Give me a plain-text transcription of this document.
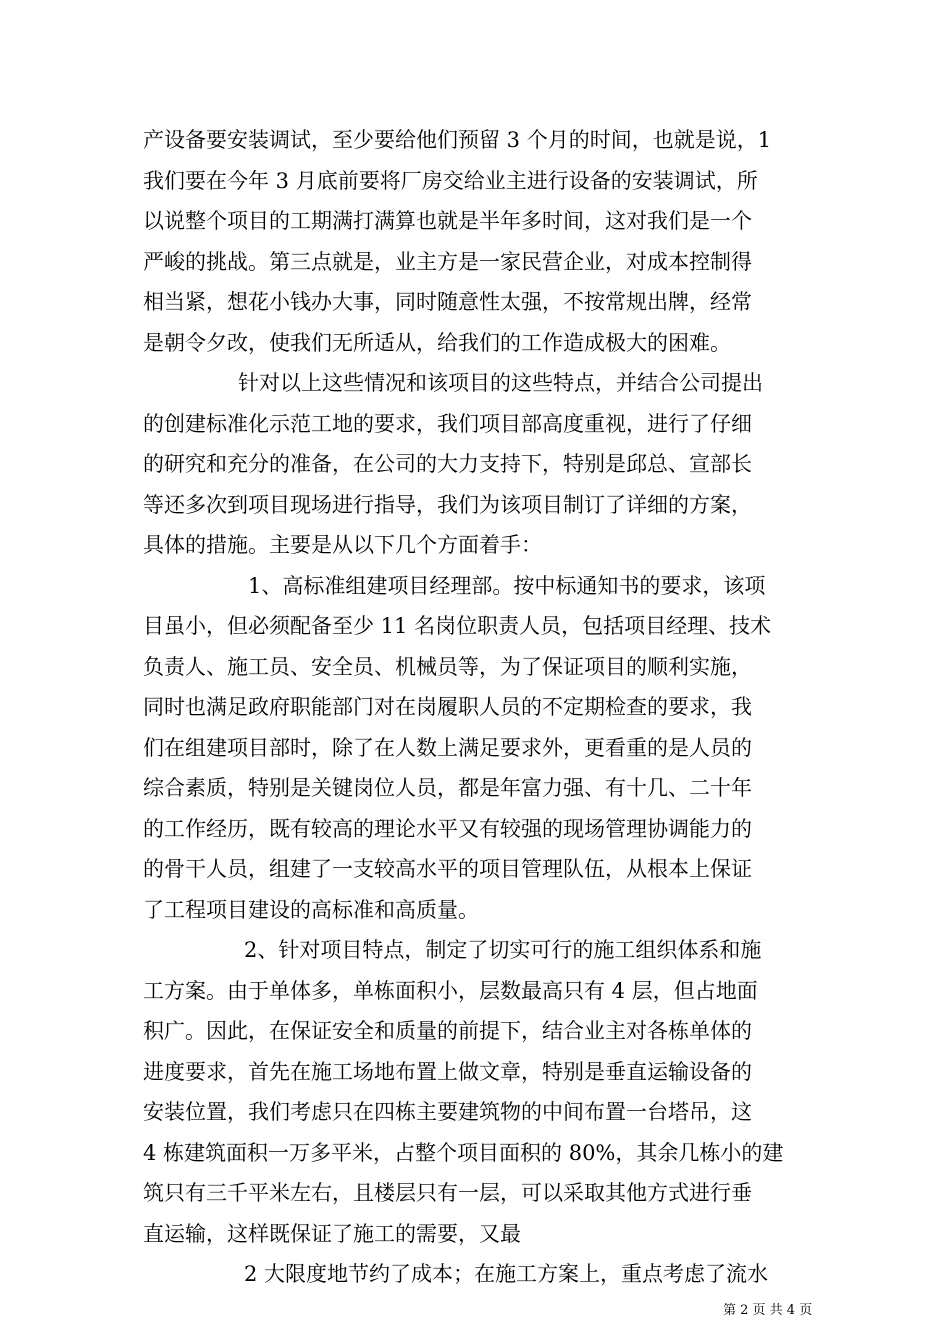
产设备要安装调试，至少要给他们预留 3 个月的时间，也就是说，1
我们要在今年 3 月底前要将厂房交给业主进行设备的安装调试，所
以说整个项目的工期满打满算也就是半年多时间，这对我们是一个
严峻的挑战。第三点就是，业主方是一家民营企业，对成本控制得
相当紧，想花小钱办大事，同时随意性太强，不按常规出牌，经常
是朝令夕改，使我们无所适从，给我们的工作造成极大的困难。
针对以上这些情况和该项目的这些特点，并结合公司提出
的创建标准化示范工地的要求，我们项目部高度重视，进行了仔细
的研究和充分的准备，在公司的大力支持下，特别是邱总、宣部长
等还多次到项目现场进行指导，我们为该项目制订了详细的方案，
具体的措施。主要是从以下几个方面着手：
1、高标准组建项目经理部。按中标通知书的要求，该项
目虽小，但必须配备至少 11 名岗位职责人员，包括项目经理、技术
负责人、施工员、安全员、机械员等，为了保证项目的顺利实施，
同时也满足政府职能部门对在岗履职人员的不定期检查的要求，我
们在组建项目部时，除了在人数上满足要求外，更看重的是人员的
综合素质，特别是关键岗位人员，都是年富力强、有十几、二十年
的工作经历，既有较高的理论水平又有较强的现场管理协调能力的
的骨干人员，组建了一支较高水平的项目管理队伍，从根本上保证
了工程项目建设的高标准和高质量。
2、针对项目特点，制定了切实可行的施工组织体系和施
工方案。由于单体多，单栋面积小，层数最高只有 4 层，但占地面
积广。因此，在保证安全和质量的前提下，结合业主对各栋单体的
进度要求，首先在施工场地布置上做文章，特别是垂直运输设备的
安装位置，我们考虑只在四栋主要建筑物的中间布置一台塔吊，这
4 栋建筑面积一万多平米，占整个项目面积的 80%，其余几栋小的建
筑只有三千平米左右，且楼层只有一层，可以采取其他方式进行垂
直运输，这样既保证了施工的需要，又最
2 大限度地节约了成本；在施工方案上，重点考虑了流水
第 2 页 共 4 页
